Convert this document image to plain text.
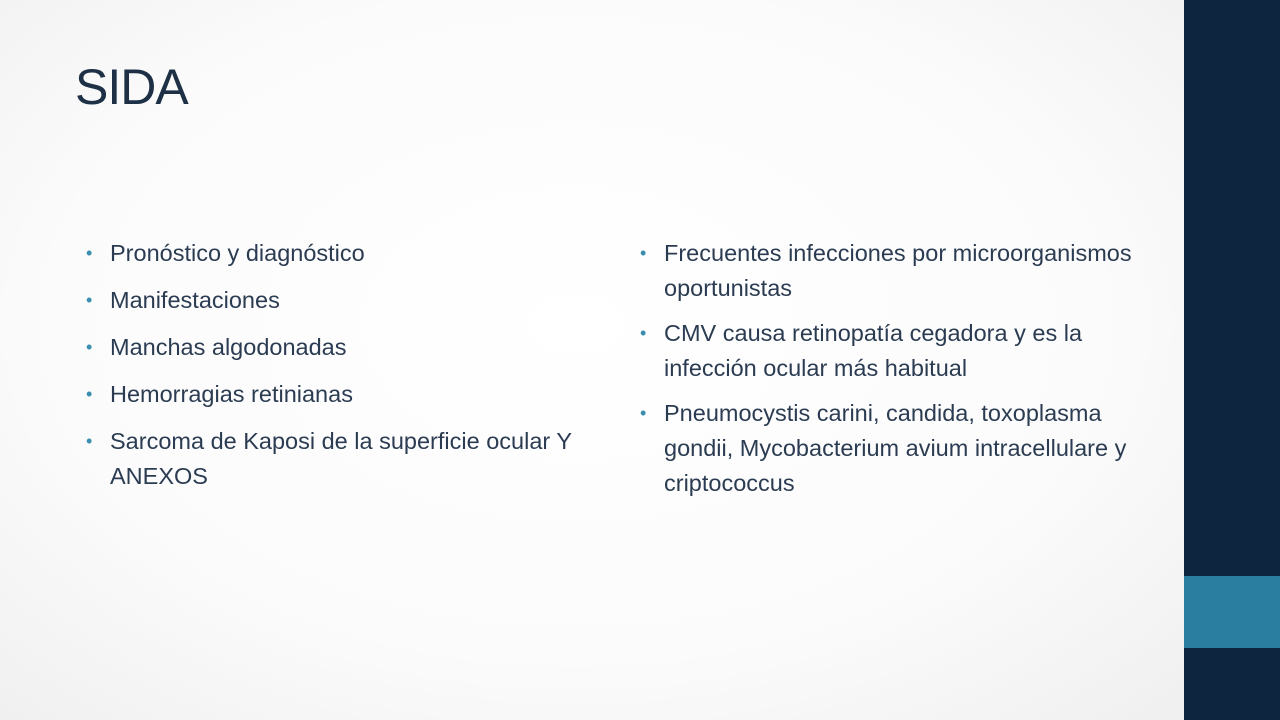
SIDA
• Pronóstico y diagnóstico
• Manifestaciones
• Manchas algodonadas
• Hemorragias retinianas
• Sarcoma de Kaposi de la superficie ocular Y ANEXOS
• Frecuentes infecciones por microorganismos oportunistas
• CMV causa retinopatía cegadora y es la infección ocular más habitual
• Pneumocystis carini, candida, toxoplasma gondii, Mycobacterium avium intracellulare y criptococcus
